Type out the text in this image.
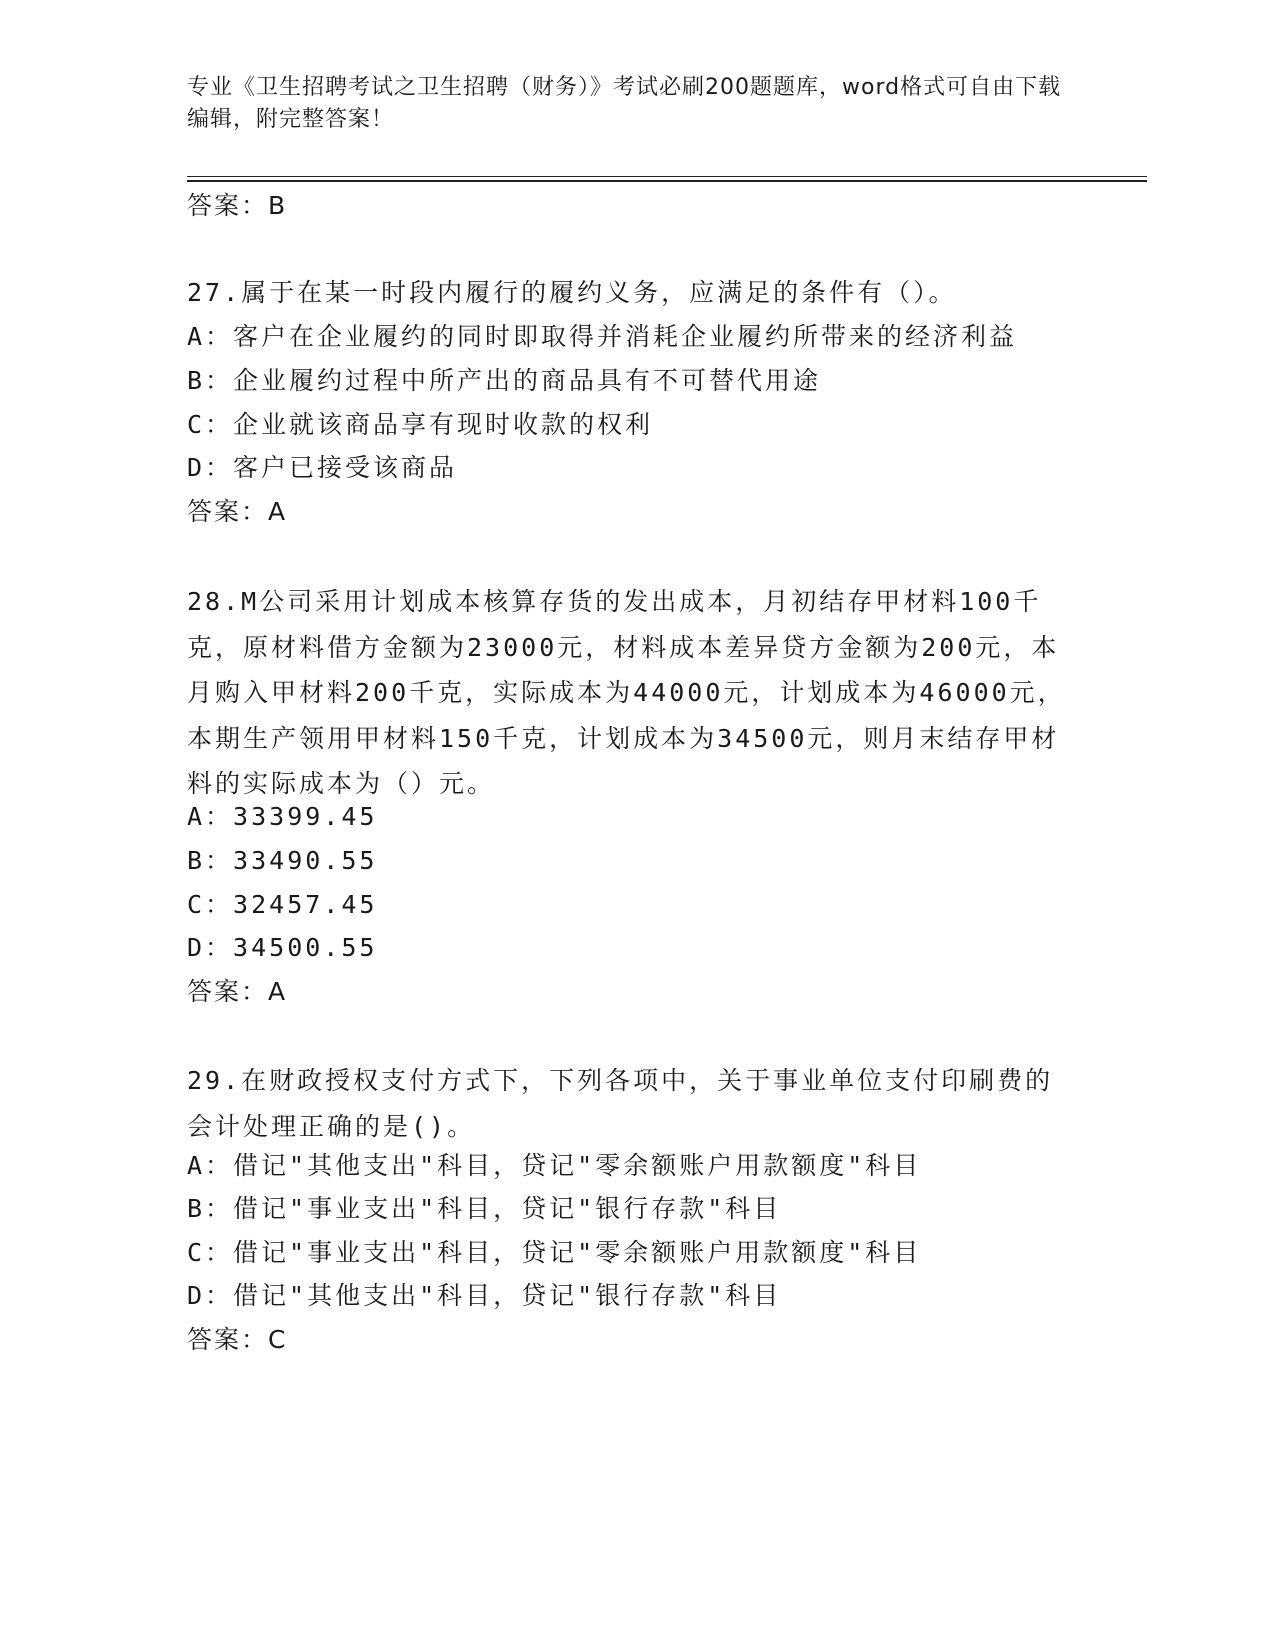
专业《卫生招聘考试之卫生招聘（财务）》考试必刷200题题库，word格式可自由下载编辑，附完整答案！
答案：B
27.属于在某一时段内履行的履约义务，应满足的条件有（）。
A：客户在企业履约的同时即取得并消耗企业履约所带来的经济利益
B：企业履约过程中所产出的商品具有不可替代用途
C：企业就该商品享有现时收款的权利
D：客户已接受该商品
答案：A
28.M公司采用计划成本核算存货的发出成本，月初结存甲材料100千克，原材料借方金额为23000元，材料成本差异贷方金额为200元，本月购入甲材料200千克，实际成本为44000元，计划成本为46000元，本期生产领用甲材料150千克，计划成本为34500元，则月末结存甲材料的实际成本为（）元。
A：33399.45
B：33490.55
C：32457.45
D：34500.55
答案：A
29.在财政授权支付方式下，下列各项中，关于事业单位支付印刷费的会计处理正确的是()。
A：借记"其他支出"科目，贷记"零余额账户用款额度"科目
B：借记"事业支出"科目，贷记"银行存款"科目
C：借记"事业支出"科目，贷记"零余额账户用款额度"科目
D：借记"其他支出"科目，贷记"银行存款"科目
答案：C
